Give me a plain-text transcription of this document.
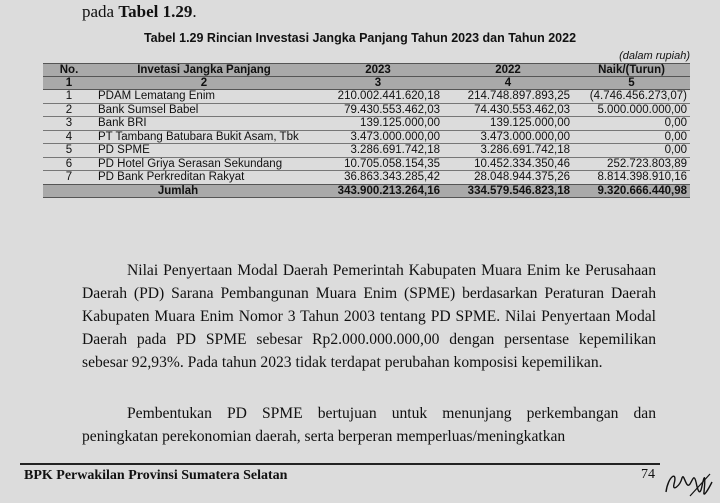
pada Tabel 1.29.
Tabel 1.29 Rincian Investasi Jangka Panjang Tahun 2023 dan Tahun 2022
(dalam rupiah)
No.	Invetasi Jangka Panjang	2023	2022	Naik/(Turun)
1	2	3	4	5
1	PDAM Lematang Enim	210.002.441.620,18	214.748.897.893,25	(4.746.456.273,07)
2	Bank Sumsel Babel	79.430.553.462,03	74.430.553.462,03	5.000.000.000,00
3	Bank BRI	139.125.000,00	139.125.000,00	0,00
4	PT Tambang Batubara Bukit Asam, Tbk	3.473.000.000,00	3.473.000.000,00	0,00
5	PD SPME	3.286.691.742,18	3.286.691.742,18	0,00
6	PD Hotel Griya Serasan Sekundang	10.705.058.154,35	10.452.334.350,46	252.723.803,89
7	PD Bank Perkreditan Rakyat	36.863.343.285,42	28.048.944.375,26	8.814.398.910,16
Jumlah		343.900.213.264,16	334.579.546.823,18	9.320.666.440,98

Nilai Penyertaan Modal Daerah Pemerintah Kabupaten Muara Enim ke Perusahaan Daerah (PD) Sarana Pembangunan Muara Enim (SPME) berdasarkan Peraturan Daerah Kabupaten Muara Enim Nomor 3 Tahun 2003 tentang PD SPME. Nilai Penyertaan Modal Daerah pada PD SPME sebesar Rp2.000.000.000,00 dengan persentase kepemilikan sebesar 92,93%. Pada tahun 2023 tidak terdapat perubahan komposisi kepemilikan.

Pembentukan PD SPME bertujuan untuk menunjang perkembangan dan peningkatan perekonomian daerah, serta berperan memperluas/meningkatkan

BPK Perwakilan Provinsi Sumatera Selatan	74
